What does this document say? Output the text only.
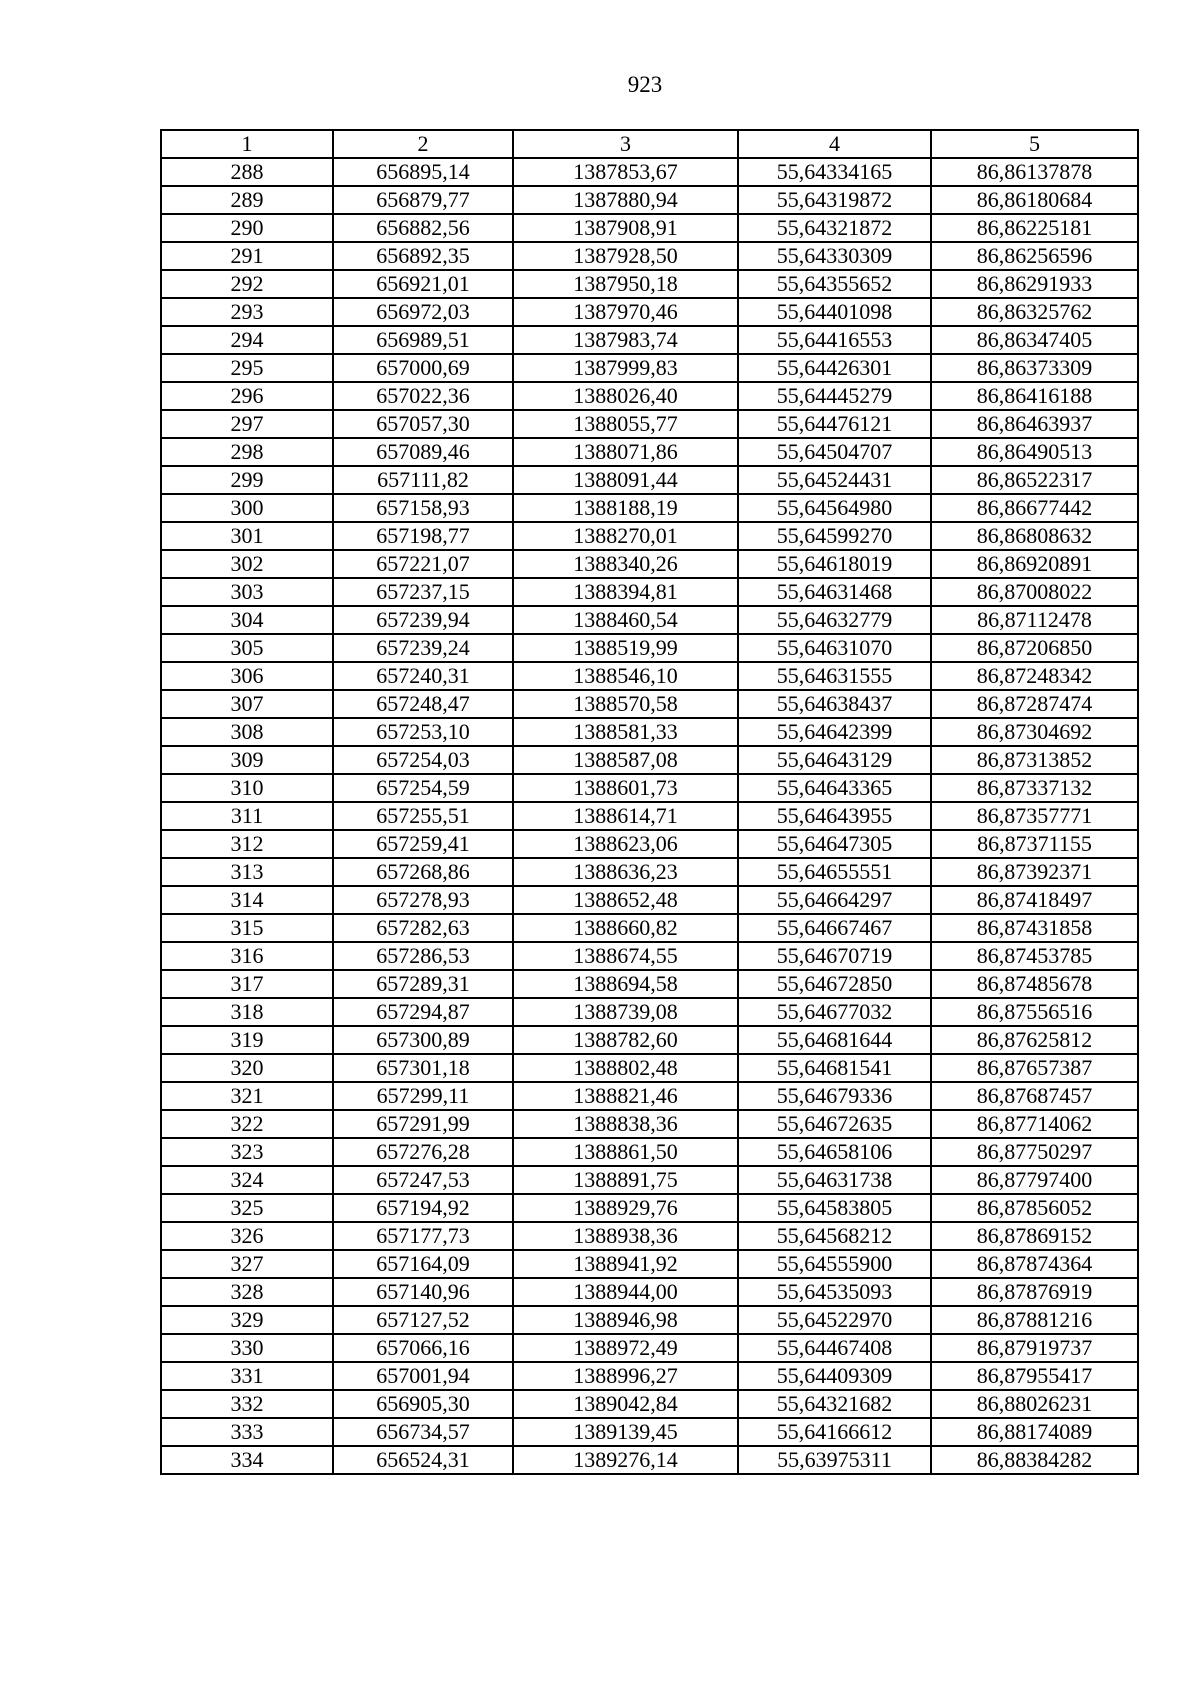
923
1	2	3	4	5
288	656895,14	1387853,67	55,64334165	86,86137878
289	656879,77	1387880,94	55,64319872	86,86180684
290	656882,56	1387908,91	55,64321872	86,86225181
291	656892,35	1387928,50	55,64330309	86,86256596
292	656921,01	1387950,18	55,64355652	86,86291933
293	656972,03	1387970,46	55,64401098	86,86325762
294	656989,51	1387983,74	55,64416553	86,86347405
295	657000,69	1387999,83	55,64426301	86,86373309
296	657022,36	1388026,40	55,64445279	86,86416188
297	657057,30	1388055,77	55,64476121	86,86463937
298	657089,46	1388071,86	55,64504707	86,86490513
299	657111,82	1388091,44	55,64524431	86,86522317
300	657158,93	1388188,19	55,64564980	86,86677442
301	657198,77	1388270,01	55,64599270	86,86808632
302	657221,07	1388340,26	55,64618019	86,86920891
303	657237,15	1388394,81	55,64631468	86,87008022
304	657239,94	1388460,54	55,64632779	86,87112478
305	657239,24	1388519,99	55,64631070	86,87206850
306	657240,31	1388546,10	55,64631555	86,87248342
307	657248,47	1388570,58	55,64638437	86,87287474
308	657253,10	1388581,33	55,64642399	86,87304692
309	657254,03	1388587,08	55,64643129	86,87313852
310	657254,59	1388601,73	55,64643365	86,87337132
311	657255,51	1388614,71	55,64643955	86,87357771
312	657259,41	1388623,06	55,64647305	86,87371155
313	657268,86	1388636,23	55,64655551	86,87392371
314	657278,93	1388652,48	55,64664297	86,87418497
315	657282,63	1388660,82	55,64667467	86,87431858
316	657286,53	1388674,55	55,64670719	86,87453785
317	657289,31	1388694,58	55,64672850	86,87485678
318	657294,87	1388739,08	55,64677032	86,87556516
319	657300,89	1388782,60	55,64681644	86,87625812
320	657301,18	1388802,48	55,64681541	86,87657387
321	657299,11	1388821,46	55,64679336	86,87687457
322	657291,99	1388838,36	55,64672635	86,87714062
323	657276,28	1388861,50	55,64658106	86,87750297
324	657247,53	1388891,75	55,64631738	86,87797400
325	657194,92	1388929,76	55,64583805	86,87856052
326	657177,73	1388938,36	55,64568212	86,87869152
327	657164,09	1388941,92	55,64555900	86,87874364
328	657140,96	1388944,00	55,64535093	86,87876919
329	657127,52	1388946,98	55,64522970	86,87881216
330	657066,16	1388972,49	55,64467408	86,87919737
331	657001,94	1388996,27	55,64409309	86,87955417
332	656905,30	1389042,84	55,64321682	86,88026231
333	656734,57	1389139,45	55,64166612	86,88174089
334	656524,31	1389276,14	55,63975311	86,88384282
